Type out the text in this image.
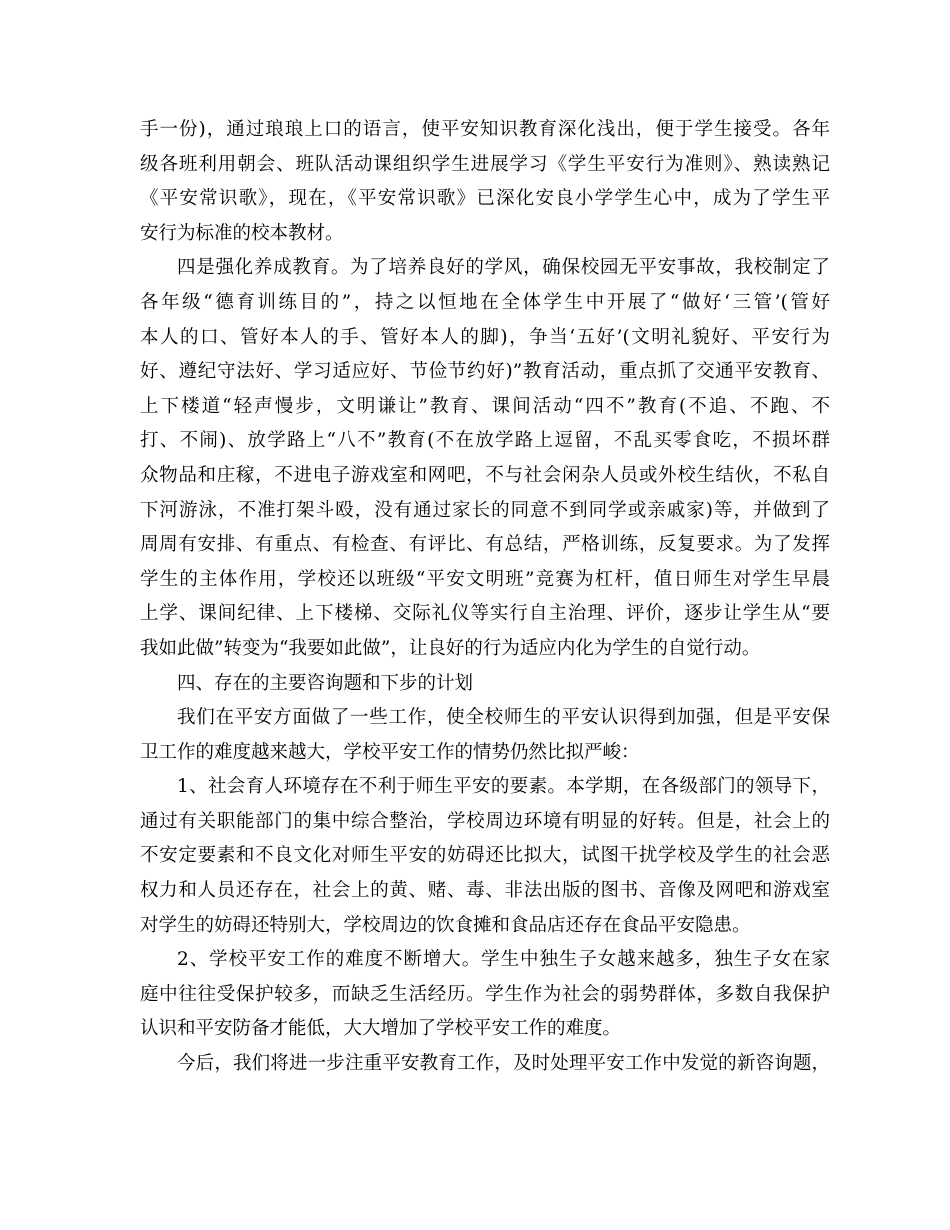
手一份)，通过琅琅上口的语言，使平安知识教育深化浅出，便于学生接受。各年
级各班利用朝会、班队活动课组织学生进展学习《学生平安行为准则》、熟读熟记
《平安常识歌》，现在，《平安常识歌》已深化安良小学学生心中，成为了学生平
安行为标准的校本教材。
四是强化养成教育。为了培养良好的学风，确保校园无平安事故，我校制定了
各年级“德育训练目的”，持之以恒地在全体学生中开展了“做好‘三管’(管好
本人的口、管好本人的手、管好本人的脚)，争当‘五好’(文明礼貌好、平安行为
好、遵纪守法好、学习适应好、节俭节约好)”教育活动，重点抓了交通平安教育、
上下楼道“轻声慢步，文明谦让”教育、课间活动“四不”教育(不追、不跑、不
打、不闹)、放学路上“八不”教育(不在放学路上逗留，不乱买零食吃，不损坏群
众物品和庄稼，不进电子游戏室和网吧，不与社会闲杂人员或外校生结伙，不私自
下河游泳，不准打架斗殴，没有通过家长的同意不到同学或亲戚家)等，并做到了
周周有安排、有重点、有检查、有评比、有总结，严格训练，反复要求。为了发挥
学生的主体作用，学校还以班级“平安文明班”竞赛为杠杆，值日师生对学生早晨
上学、课间纪律、上下楼梯、交际礼仪等实行自主治理、评价，逐步让学生从“要
我如此做”转变为“我要如此做”，让良好的行为适应内化为学生的自觉行动。
四、存在的主要咨询题和下步的计划
我们在平安方面做了一些工作，使全校师生的平安认识得到加强，但是平安保
卫工作的难度越来越大，学校平安工作的情势仍然比拟严峻：
1、社会育人环境存在不利于师生平安的要素。本学期，在各级部门的领导下，
通过有关职能部门的集中综合整治，学校周边环境有明显的好转。但是，社会上的
不安定要素和不良文化对师生平安的妨碍还比拟大，试图干扰学校及学生的社会恶
权力和人员还存在，社会上的黄、赌、毒、非法出版的图书、音像及网吧和游戏室
对学生的妨碍还特别大，学校周边的饮食摊和食品店还存在食品平安隐患。
2、学校平安工作的难度不断增大。学生中独生子女越来越多，独生子女在家
庭中往往受保护较多，而缺乏生活经历。学生作为社会的弱势群体，多数自我保护
认识和平安防备才能低，大大增加了学校平安工作的难度。
今后，我们将进一步注重平安教育工作，及时处理平安工作中发觉的新咨询题，
